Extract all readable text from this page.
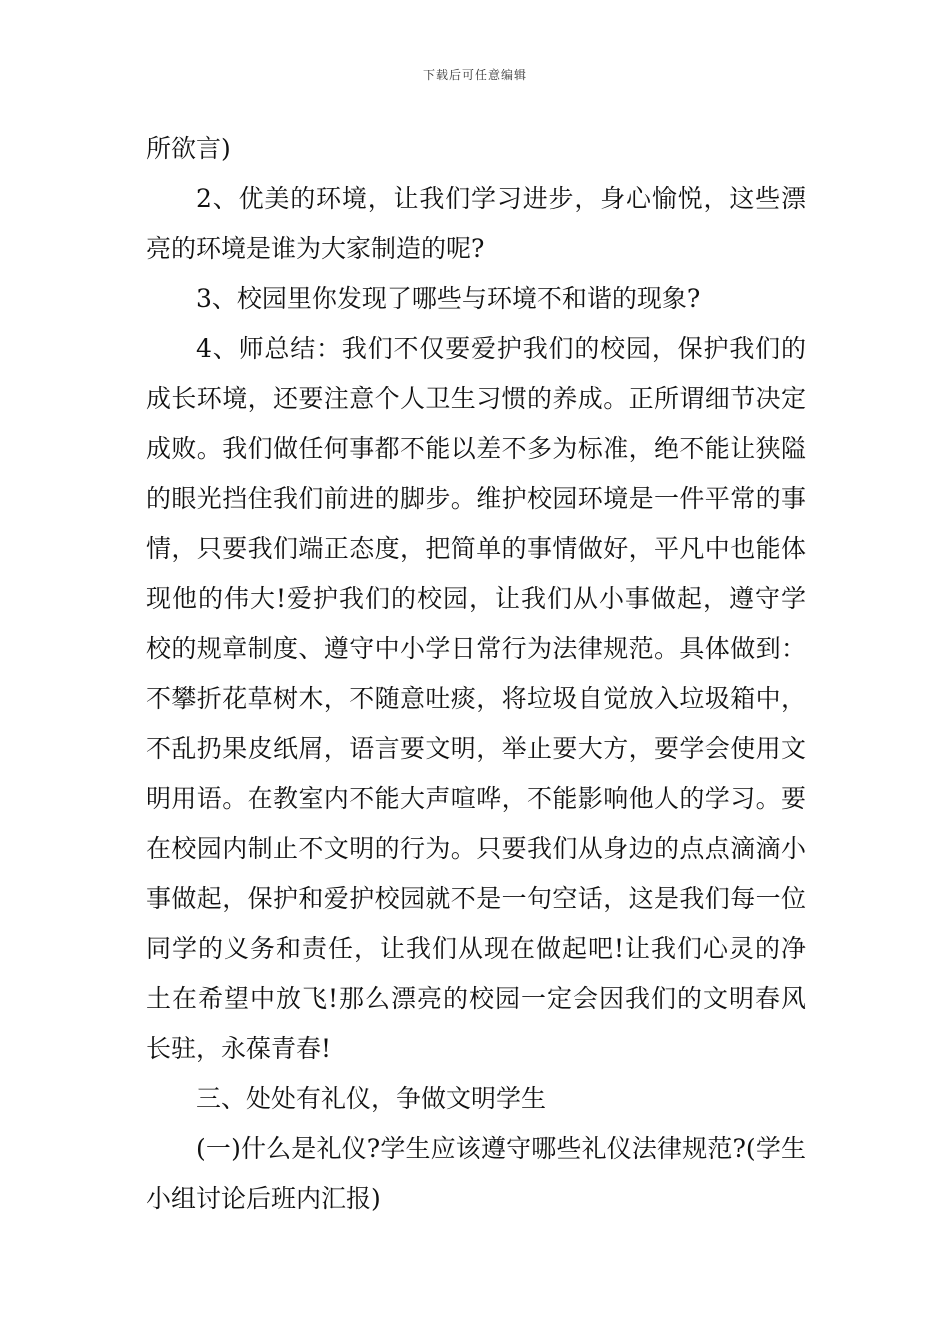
下载后可任意编辑

所欲言)

2、优美的环境，让我们学习进步，身心愉悦，这些漂亮的环境是谁为大家制造的呢?

3、校园里你发现了哪些与环境不和谐的现象?

4、师总结：我们不仅要爱护我们的校园，保护我们的成长环境，还要注意个人卫生习惯的养成。正所谓细节决定成败。我们做任何事都不能以差不多为标准，绝不能让狭隘的眼光挡住我们前进的脚步。维护校园环境是一件平常的事情，只要我们端正态度，把简单的事情做好，平凡中也能体现他的伟大!爱护我们的校园，让我们从小事做起，遵守学校的规章制度、遵守中小学日常行为法律规范。具体做到：不攀折花草树木，不随意吐痰，将垃圾自觉放入垃圾箱中，不乱扔果皮纸屑，语言要文明，举止要大方，要学会使用文明用语。在教室内不能大声喧哗，不能影响他人的学习。要在校园内制止不文明的行为。只要我们从身边的点点滴滴小事做起，保护和爱护校园就不是一句空话，这是我们每一位同学的义务和责任，让我们从现在做起吧!让我们心灵的净土在希望中放飞!那么漂亮的校园一定会因我们的文明春风长驻，永葆青春!

三、处处有礼仪，争做文明学生

(一)什么是礼仪?学生应该遵守哪些礼仪法律规范?(学生小组讨论后班内汇报)
